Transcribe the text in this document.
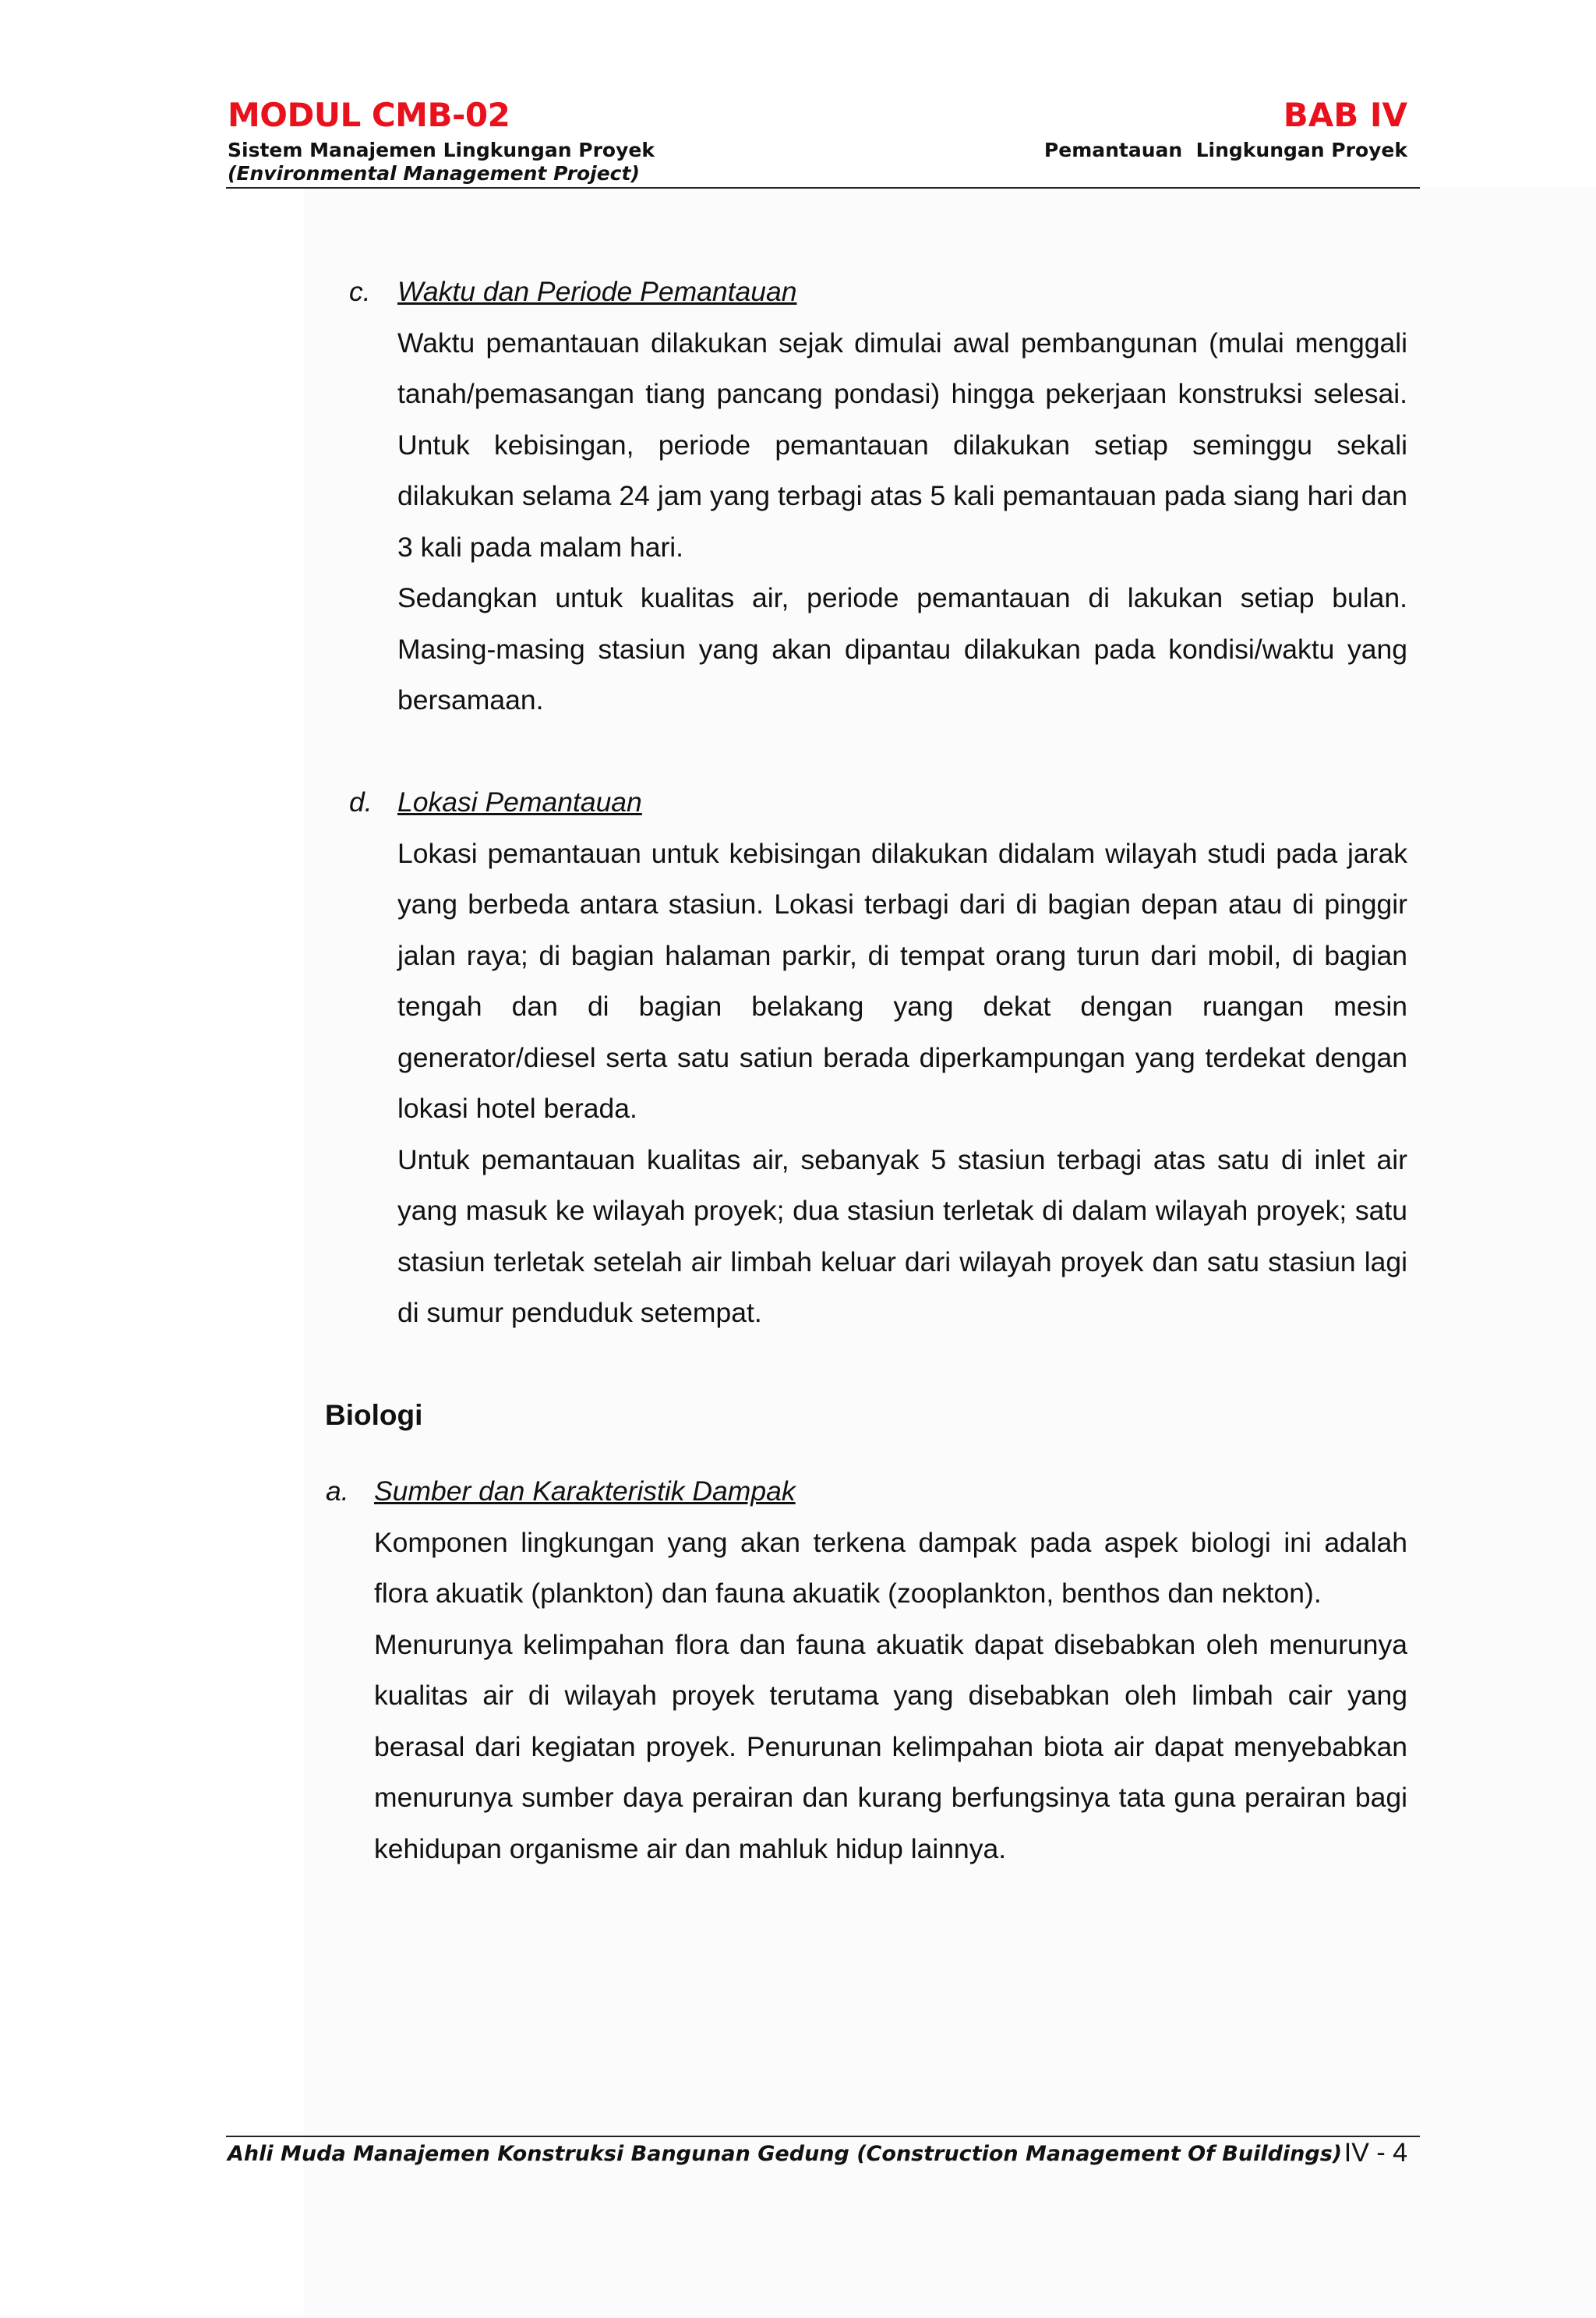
MODUL CMB-02	BAB IV
Sistem Manajemen Lingkungan Proyek
(Environmental Management Project)
Pemantauan  Lingkungan Proyek
c. Waktu dan Periode Pemantauan

Waktu pemantauan dilakukan sejak dimulai awal pembangunan (mulai menggali tanah/pemasangan tiang pancang pondasi) hingga pekerjaan konstruksi selesai. Untuk kebisingan, periode pemantauan dilakukan setiap seminggu sekali dilakukan selama 24 jam yang terbagi atas 5 kali pemantauan pada siang hari dan 3 kali pada malam hari.

Sedangkan untuk kualitas air, periode pemantauan di lakukan setiap bulan. Masing-masing stasiun yang akan dipantau dilakukan pada kondisi/waktu yang bersamaan.

d. Lokasi Pemantauan

Lokasi pemantauan untuk kebisingan dilakukan didalam wilayah studi pada jarak yang berbeda antara stasiun. Lokasi terbagi dari di bagian depan atau di pinggir jalan raya; di bagian halaman parkir, di tempat orang turun dari mobil, di bagian tengah dan di bagian belakang yang dekat dengan ruangan mesin generator/diesel serta satu satiun berada diperkampungan yang terdekat dengan lokasi hotel berada.

Untuk pemantauan kualitas air, sebanyak 5 stasiun terbagi atas satu di inlet air yang masuk ke wilayah proyek; dua stasiun terletak di dalam wilayah proyek; satu stasiun terletak setelah air limbah keluar dari wilayah proyek dan satu stasiun lagi di sumur penduduk setempat.

Biologi
a. Sumber dan Karakteristik Dampak

Komponen lingkungan yang akan terkena dampak pada aspek biologi ini adalah flora akuatik (plankton) dan fauna akuatik (zooplankton, benthos dan nekton).

Menurunya kelimpahan flora dan fauna akuatik dapat disebabkan oleh menurunya kualitas air di wilayah proyek terutama yang disebabkan oleh limbah cair yang berasal dari kegiatan proyek. Penurunan kelimpahan biota air dapat menyebabkan menurunya sumber daya perairan dan kurang berfungsinya tata guna perairan bagi kehidupan organisme air dan mahluk hidup lainnya.

Ahli Muda Manajemen Konstruksi Bangunan Gedung (Construction Management Of Buildings) IV - 4
